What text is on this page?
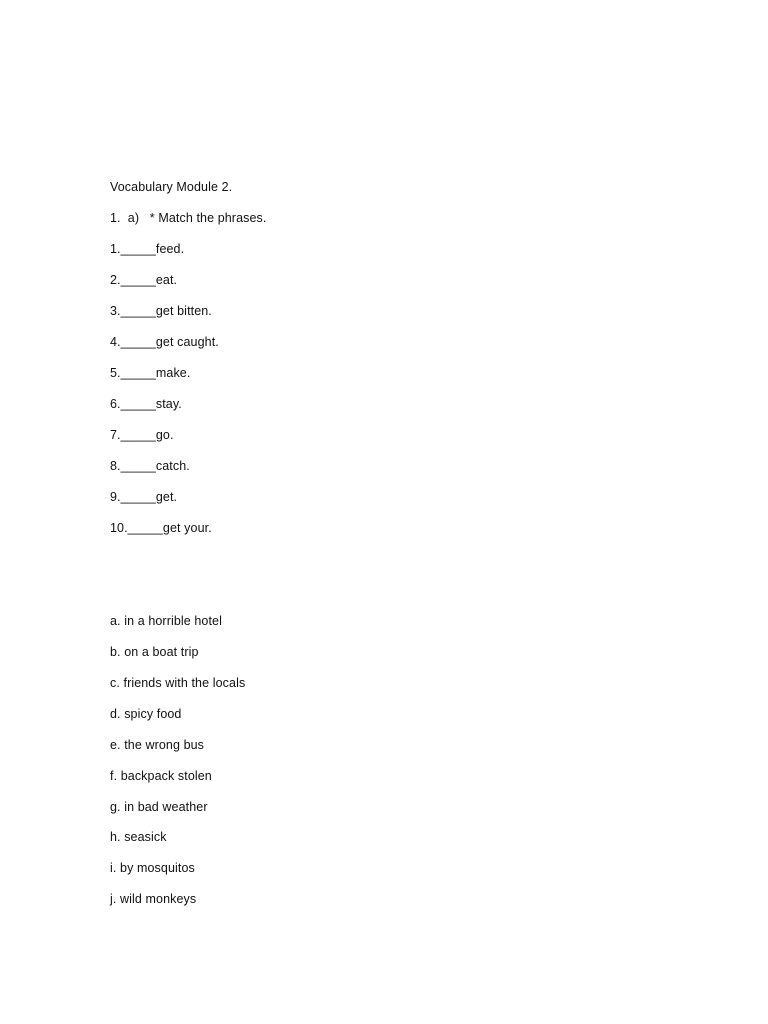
Vocabulary Module 2.
1.  a)   * Match the phrases.
1._____feed.
2._____eat.
3._____get bitten.
4._____get caught.
5._____make.
6._____stay.
7._____go.
8._____catch.
9._____get.
10._____get your.
a. in a horrible hotel
b. on a boat trip
c. friends with the locals
d. spicy food
e. the wrong bus
f. backpack stolen
g. in bad weather
h. seasick
i. by mosquitos
j. wild monkeys
